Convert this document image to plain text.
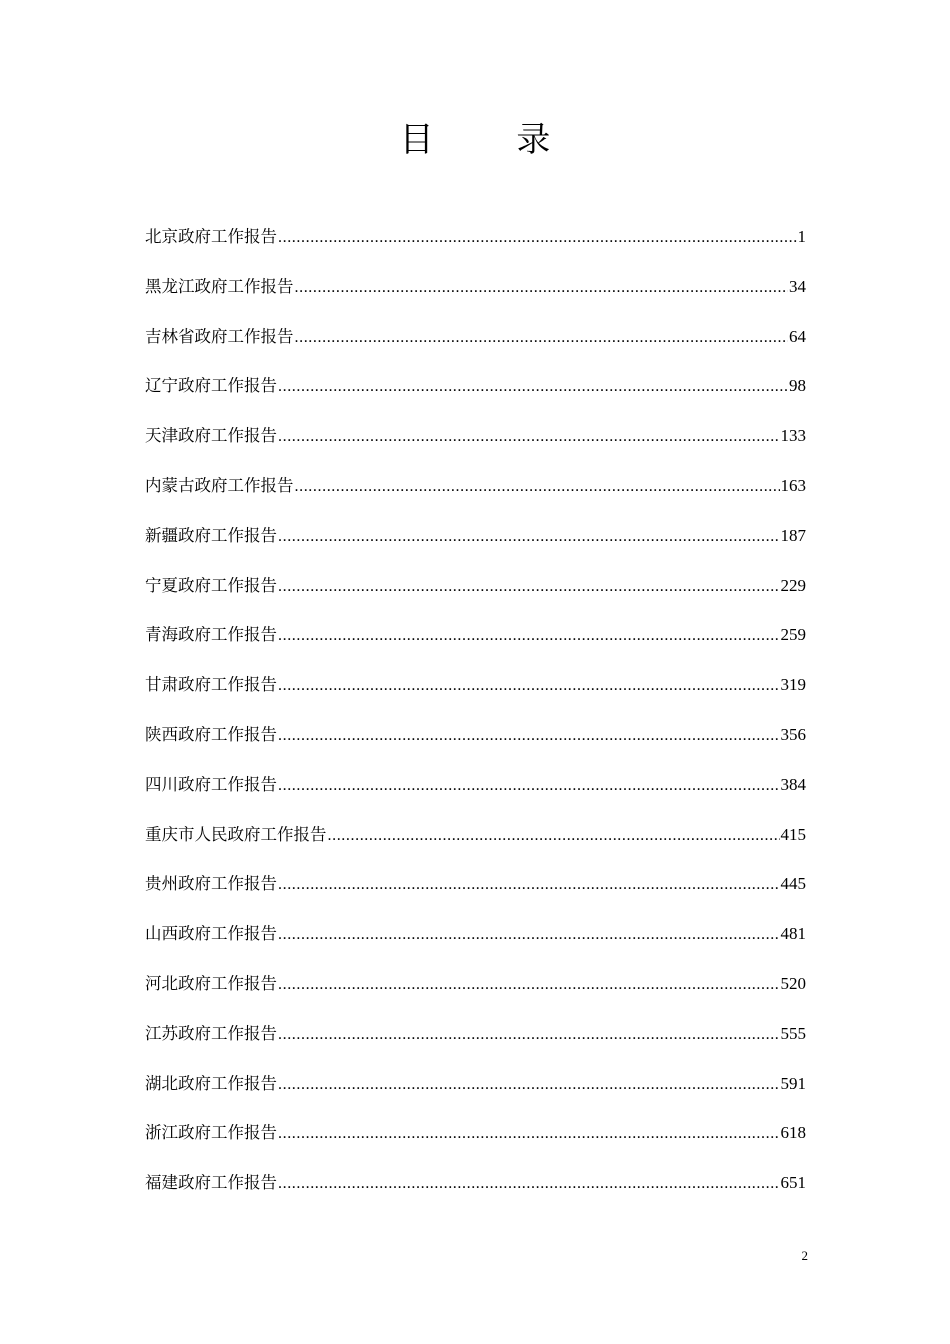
目 录
北京政府工作报告 .....	1
黑龙江政府工作报告 .....	34
吉林省政府工作报告 .....	64
辽宁政府工作报告 .....	98
天津政府工作报告 .....	133
内蒙古政府工作报告 .....	163
新疆政府工作报告 .....	187
宁夏政府工作报告 .....	229
青海政府工作报告 .....	259
甘肃政府工作报告 .....	319
陕西政府工作报告 .....	356
四川政府工作报告 .....	384
重庆市人民政府工作报告 .....	415
贵州政府工作报告 .....	445
山西政府工作报告 .....	481
河北政府工作报告 .....	520
江苏政府工作报告 .....	555
湖北政府工作报告 .....	591
浙江政府工作报告 .....	618
福建政府工作报告 .....	651
2
